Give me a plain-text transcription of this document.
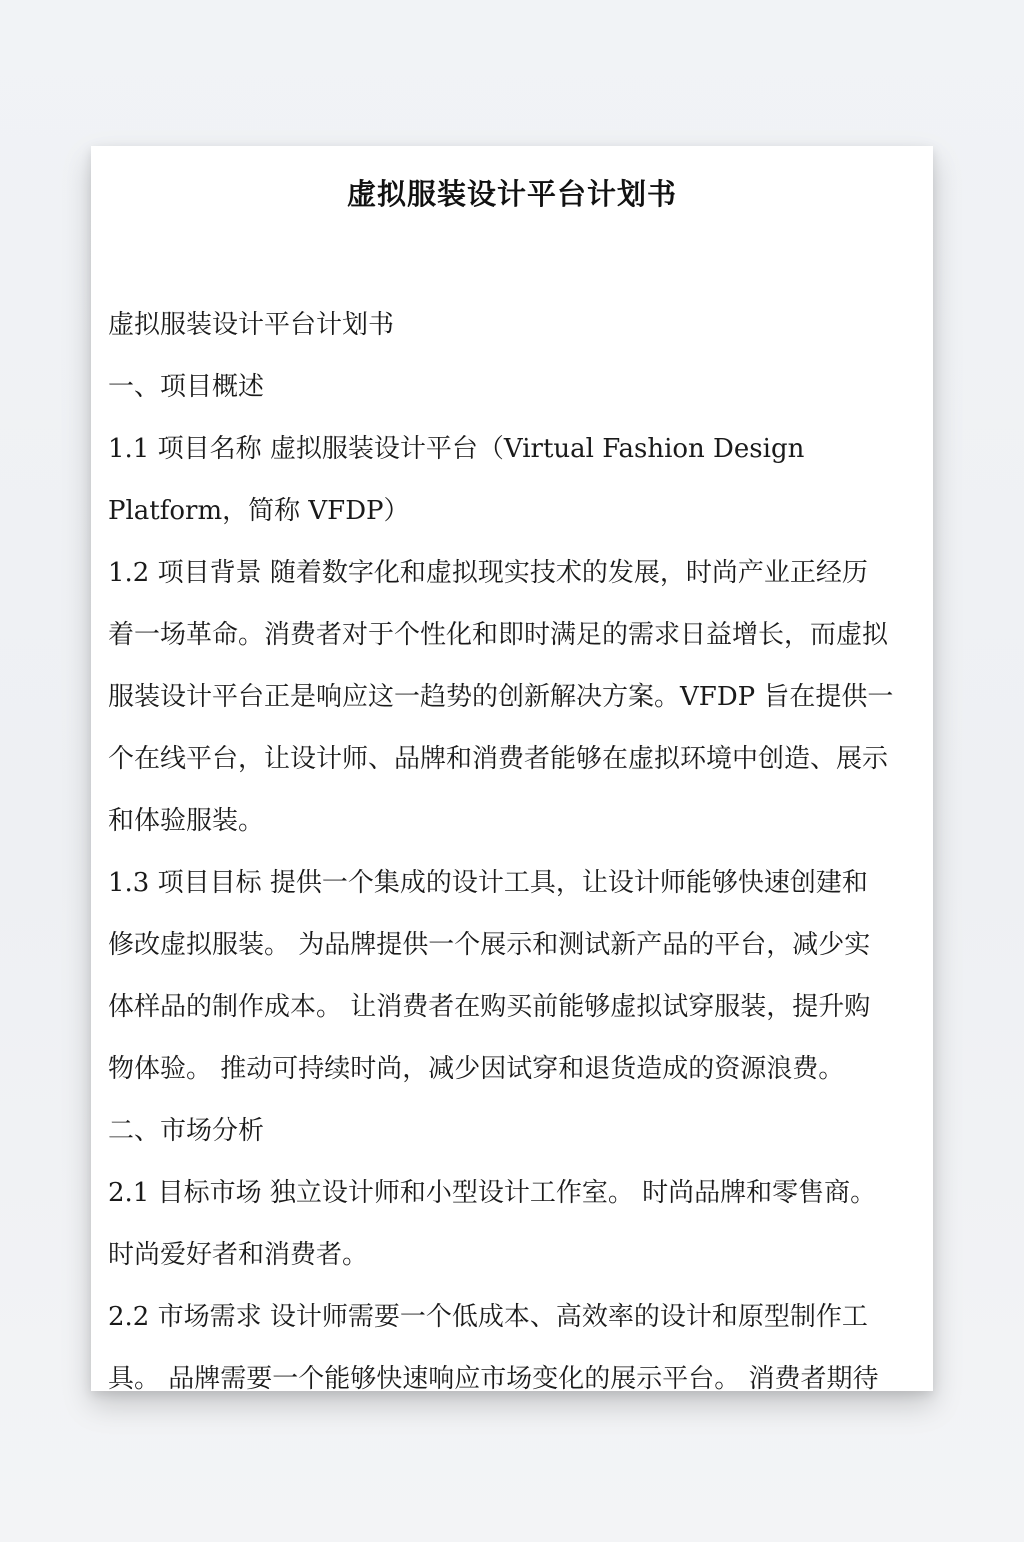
虚拟服装设计平台计划书
虚拟服装设计平台计划书
一、项目概述
1.1 项目名称 虚拟服装设计平台（Virtual Fashion Design
Platform，简称 VFDP）
1.2 项目背景 随着数字化和虚拟现实技术的发展，时尚产业正经历
着一场革命。消费者对于个性化和即时满足的需求日益增长，而虚拟
服装设计平台正是响应这一趋势的创新解决方案。VFDP 旨在提供一
个在线平台，让设计师、品牌和消费者能够在虚拟环境中创造、展示
和体验服装。
1.3 项目目标 提供一个集成的设计工具，让设计师能够快速创建和
修改虚拟服装。 为品牌提供一个展示和测试新产品的平台，减少实
体样品的制作成本。 让消费者在购买前能够虚拟试穿服装，提升购
物体验。 推动可持续时尚，减少因试穿和退货造成的资源浪费。
二、市场分析
2.1 目标市场 独立设计师和小型设计工作室。 时尚品牌和零售商。
时尚爱好者和消费者。
2.2 市场需求 设计师需要一个低成本、高效率的设计和原型制作工
具。 品牌需要一个能够快速响应市场变化的展示平台。 消费者期待
